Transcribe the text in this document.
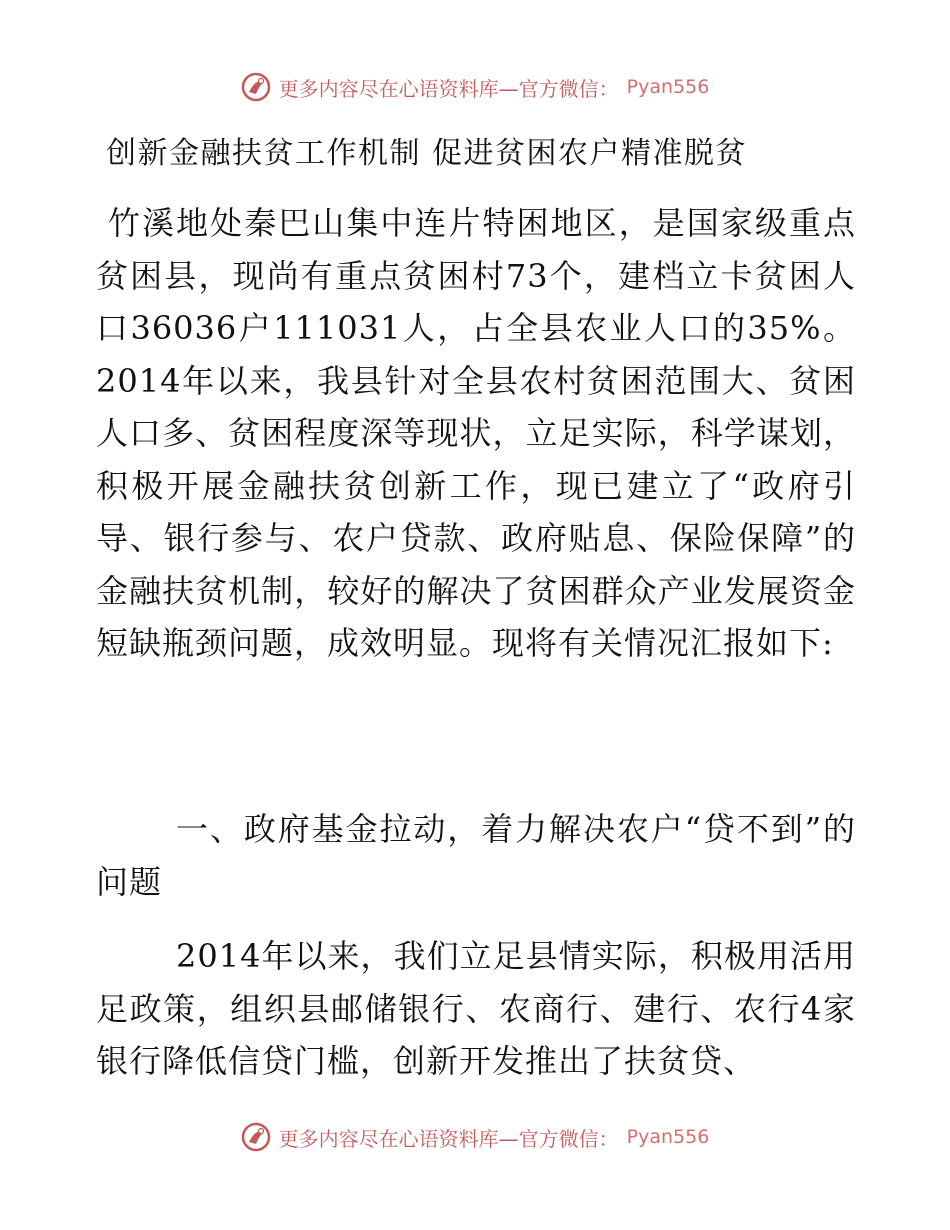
更多内容尽在心语资料库—官方微信： Pyan556
创新金融扶贫工作机制 促进贫困农户精准脱贫

竹溪地处秦巴山集中连片特困地区，是国家级重点贫困县，现尚有重点贫困村73个，建档立卡贫困人口36036户111031人，占全县农业人口的35%。2014年以来，我县针对全县农村贫困范围大、贫困人口多、贫困程度深等现状，立足实际，科学谋划，积极开展金融扶贫创新工作，现已建立了“政府引导、银行参与、农户贷款、政府贴息、保险保障”的金融扶贫机制，较好的解决了贫困群众产业发展资金短缺瓶颈问题，成效明显。现将有关情况汇报如下:

一、政府基金拉动，着力解决农户“贷不到”的问题

2014年以来，我们立足县情实际，积极用活用足政策，组织县邮储银行、农商行、建行、农行4家银行降低信贷门槛，创新开发推出了扶贫贷、

更多内容尽在心语资料库—官方微信： Pyan556
